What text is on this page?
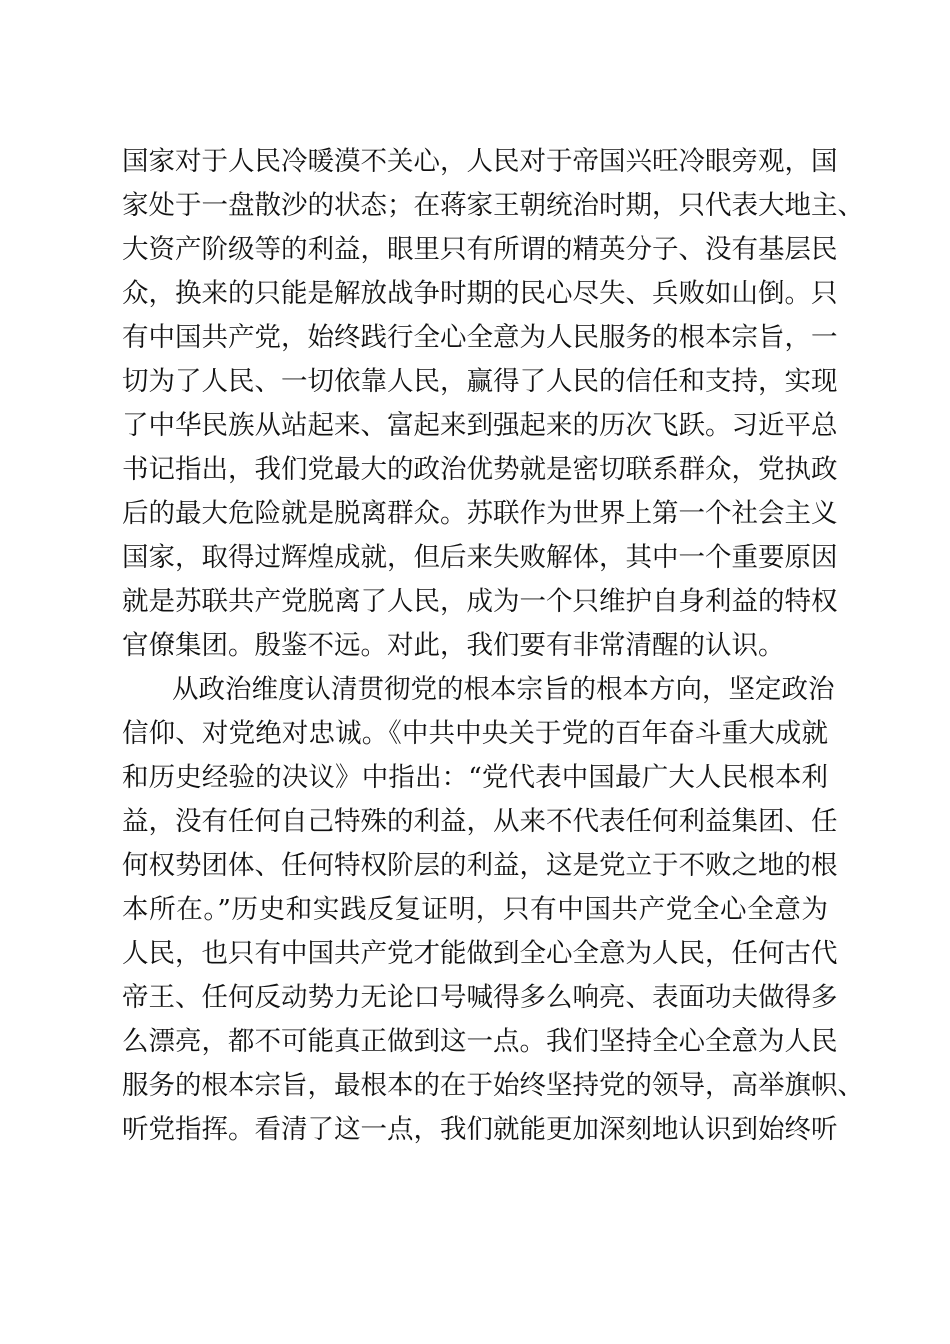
国家对于人民冷暖漠不关心，人民对于帝国兴旺冷眼旁观，国
家处于一盘散沙的状态；在蒋家王朝统治时期，只代表大地主、
大资产阶级等的利益，眼里只有所谓的精英分子、没有基层民
众，换来的只能是解放战争时期的民心尽失、兵败如山倒。只
有中国共产党，始终践行全心全意为人民服务的根本宗旨，一
切为了人民、一切依靠人民，赢得了人民的信任和支持，实现
了中华民族从站起来、富起来到强起来的历次飞跃。习近平总
书记指出，我们党最大的政治优势就是密切联系群众，党执政
后的最大危险就是脱离群众。苏联作为世界上第一个社会主义
国家，取得过辉煌成就，但后来失败解体，其中一个重要原因
就是苏联共产党脱离了人民，成为一个只维护自身利益的特权
官僚集团。殷鉴不远。对此，我们要有非常清醒的认识。
从政治维度认清贯彻党的根本宗旨的根本方向，坚定政治
信仰、对党绝对忠诚。《中共中央关于党的百年奋斗重大成就
和历史经验的决议》中指出：“党代表中国最广大人民根本利
益，没有任何自己特殊的利益，从来不代表任何利益集团、任
何权势团体、任何特权阶层的利益，这是党立于不败之地的根
本所在。”历史和实践反复证明，只有中国共产党全心全意为
人民，也只有中国共产党才能做到全心全意为人民，任何古代
帝王、任何反动势力无论口号喊得多么响亮、表面功夫做得多
么漂亮，都不可能真正做到这一点。我们坚持全心全意为人民
服务的根本宗旨，最根本的在于始终坚持党的领导，高举旗帜、
听党指挥。看清了这一点，我们就能更加深刻地认识到始终听
